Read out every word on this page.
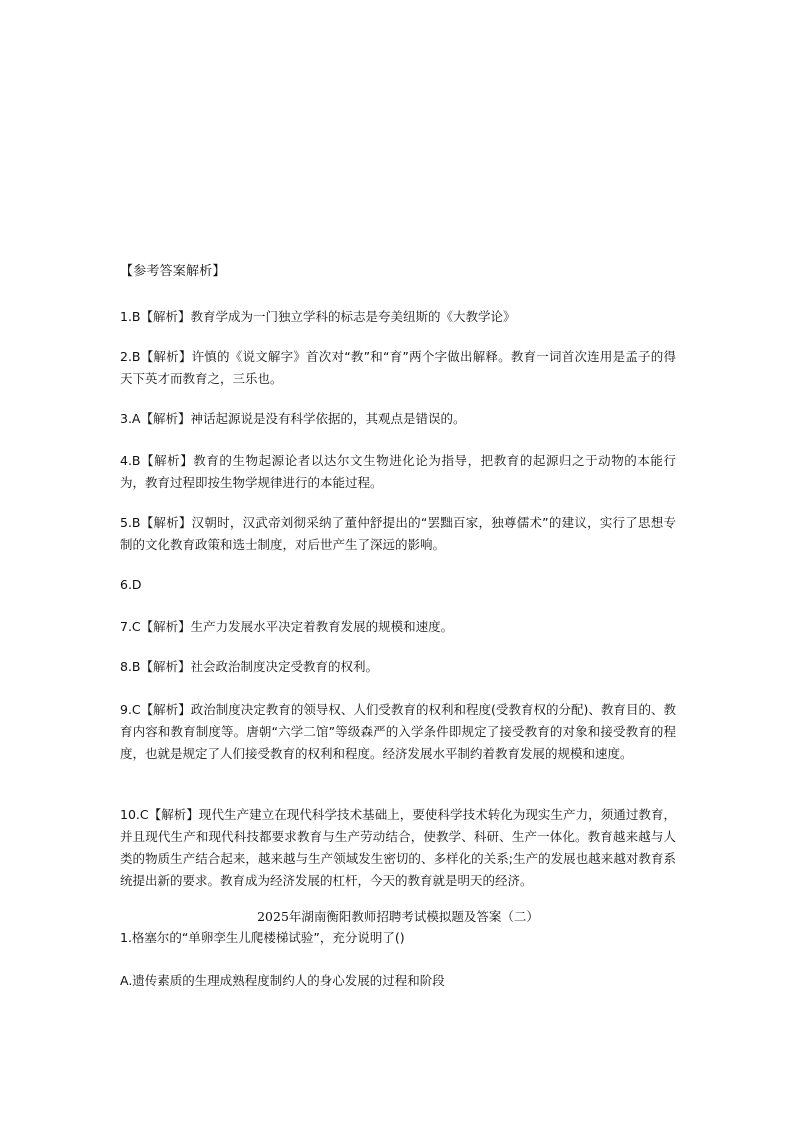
【参考答案解析】
1.B【解析】教育学成为一门独立学科的标志是夸美纽斯的《大教学论》
2.B【解析】许慎的《说文解字》首次对“教”和“育”两个字做出解释。教育一词首次连用是孟子的得天下英才而教育之，三乐也。
3.A【解析】神话起源说是没有科学依据的，其观点是错误的。
4.B【解析】教育的生物起源论者以达尔文生物进化论为指导，把教育的起源归之于动物的本能行为，教育过程即按生物学规律进行的本能过程。
5.B【解析】汉朝时，汉武帝刘彻采纳了董仲舒提出的“罢黜百家，独尊儒术”的建议，实行了思想专制的文化教育政策和选士制度，对后世产生了深远的影响。
6.D
7.C【解析】生产力发展水平决定着教育发展的规模和速度。
8.B【解析】社会政治制度决定受教育的权利。
9.C【解析】政治制度决定教育的领导权、人们受教育的权利和程度(受教育权的分配)、教育目的、教育内容和教育制度等。唐朝“六学二馆”等级森严的入学条件即规定了接受教育的对象和接受教育的程度，也就是规定了人们接受教育的权利和程度。经济发展水平制约着教育发展的规模和速度。
10.C【解析】现代生产建立在现代科学技术基础上，要使科学技术转化为现实生产力，须通过教育，并且现代生产和现代科技都要求教育与生产劳动结合，使教学、科研、生产一体化。教育越来越与人类的物质生产结合起来，越来越与生产领域发生密切的、多样化的关系;生产的发展也越来越对教育系统提出新的要求。教育成为经济发展的杠杆，今天的教育就是明天的经济。
2025年湖南衡阳教师招聘考试模拟题及答案（二）
1.格塞尔的“单卵孪生儿爬楼梯试验”，充分说明了()
A.遗传素质的生理成熟程度制约人的身心发展的过程和阶段
